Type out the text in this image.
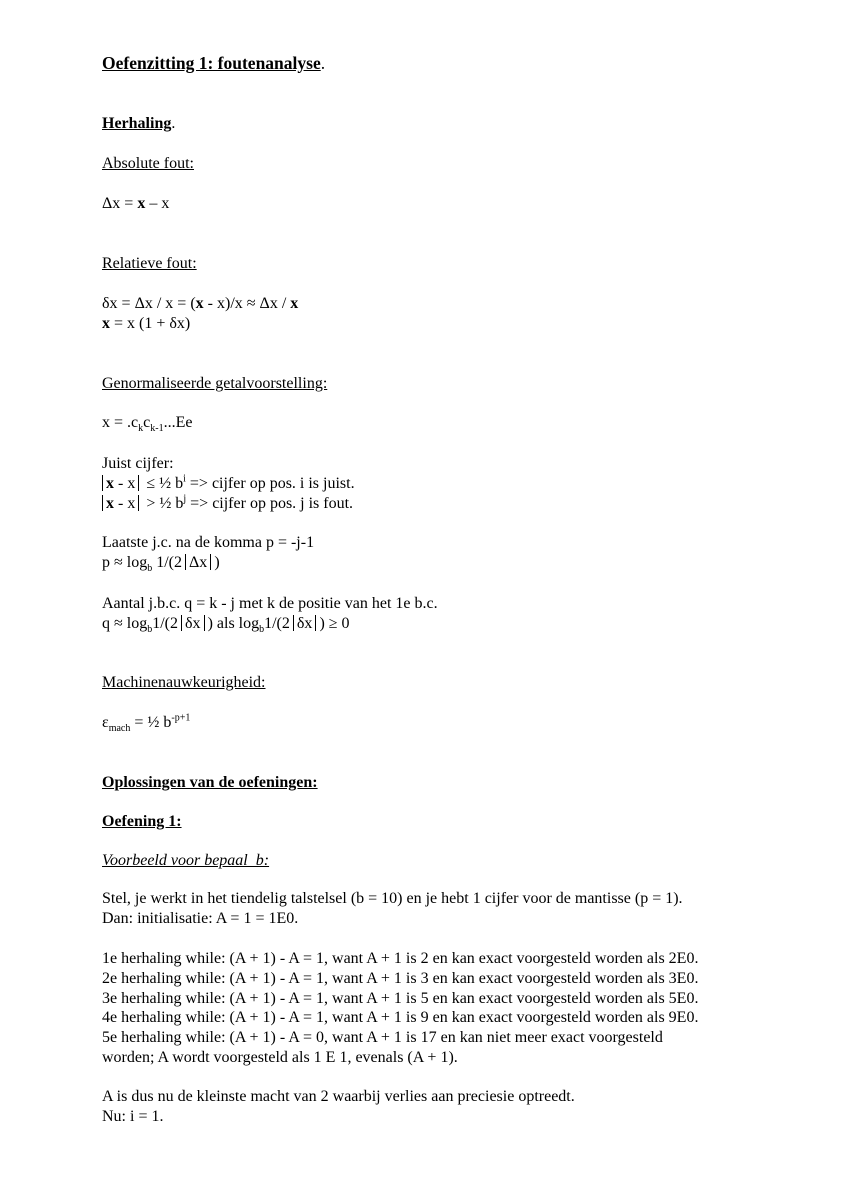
Oefenzitting 1: foutenanalyse.
Herhaling.
Absolute fout:
Δx = x – x
Relatieve fout:
δx = Δx / x = (x - x)/x ≈ Δx / x
x = x (1 + δx)
Genormaliseerde getalvoorstelling:
$x = .c_kc_{k-1}...Ee$
Juist cijfer:
x - x ≤ ½ $b^i$ => cijfer op pos. i is juist.
x - x > ½ $b^j$ => cijfer op pos. j is fout.
Laatste j.c. na de komma p = -j-1
$p \approx \log_b 1/(2$ Δx )
Aantal j.b.c. q = k - j met k de positie van het 1e b.c.
$q \approx \log_b1/(2$ δx ) als $\log_b1/(2$ δx ) ≥ 0
Machinenauwkeurigheid:
$\varepsilon_{mach}$ = ½ $b^{-p+1}$
Oplossingen van de oefeningen:
Oefening 1:
Voorbeeld voor bepaal_b:
Stel, je werkt in het tiendelig talstelsel (b = 10) en je hebt 1 cijfer voor de mantisse (p = 1).
Dan: initialisatie: A = 1 = 1E0.
1e herhaling while: (A + 1) - A = 1, want A + 1 is 2 en kan exact voorgesteld worden als 2E0.
2e herhaling while: (A + 1) - A = 1, want A + 1 is 3 en kan exact voorgesteld worden als 3E0.
3e herhaling while: (A + 1) - A = 1, want A + 1 is 5 en kan exact voorgesteld worden als 5E0.
4e herhaling while: (A + 1) - A = 1, want A + 1 is 9 en kan exact voorgesteld worden als 9E0.
5e herhaling while: (A + 1) - A = 0, want A + 1 is 17 en kan niet meer exact voorgesteld
worden; A wordt voorgesteld als 1 E 1, evenals (A + 1).
A is dus nu de kleinste macht van 2 waarbij verlies aan preciesie optreedt.
Nu: i = 1.
